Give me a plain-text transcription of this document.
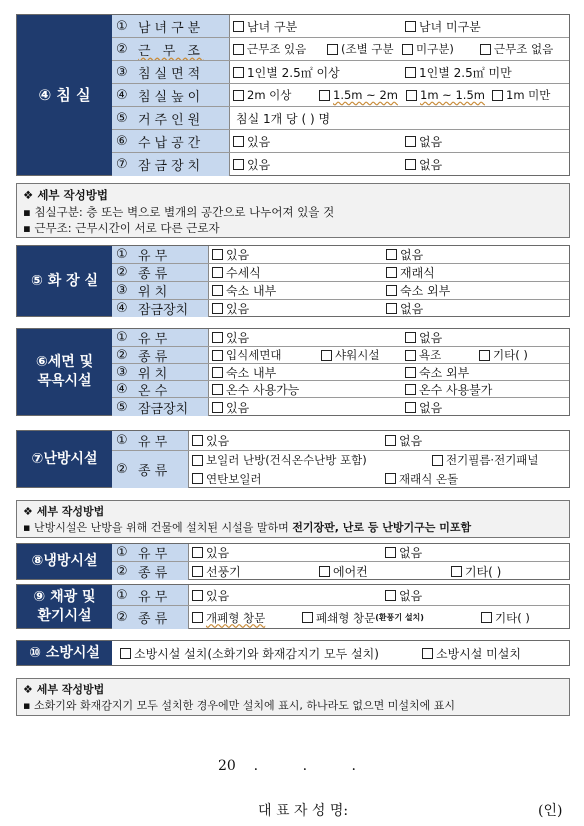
④ 침 실
① 남녀구분	남녀 구분	남녀 미구분
② 근 무 조	근무조 있음	(조별 구분 미구분)	근무조 없음
③ 침실면적	1인별 2.5㎡ 이상	1인별 2.5㎡ 미만
④ 침실높이	2m 이상	1.5m ~ 2m 1m ~ 1.5m 1m 미만
⑤ 거주인원	침실 1개 당 ( ) 명
⑥ 수납공간	있음	없음
⑦ 잠금장치	있음	없음
❖ 세부 작성방법
▪ 침실구분: 층 또는 벽으로 별개의 공간으로 나누어져 있을 것
▪ 근무조: 근무시간이 서로 다른 근로자
⑤ 화 장 실
① 유 무	있음	없음
② 종 류	수세식	재래식
③ 위 치	숙소 내부	숙소 외부
④ 잠금장치	있음	없음
⑥세면 및
목욕시설
① 유 무	있음	없음
② 종 류	입식세면대	샤워시설	욕조	기타( )
③ 위 치	숙소 내부	숙소 외부
④ 온 수	온수 사용가능	온수 사용불가
⑤ 잠금장치	있음	없음
⑦난방시설
① 유 무	있음	없음
② 종 류
보일러 난방(건식온수난방 포함)	전기필름·전기패널
연탄보일러	재래식 온돌
❖ 세부 작성방법
▪ 난방시설은 난방을 위해 건물에 설치된 시설을 말하며 전기장판, 난로 등 난방기구는 미포함
⑧냉방시설
① 유 무	있음	없음
② 종 류	선풍기	에어컨	기타( )
⑨ 채광 및
환기시설
① 유 무	있음	없음
② 종 류	개폐형 창문	폐쇄형 창문 (환풍기 설치)	기타( )
⑩ 소방시설	소방시설 설치(소화기와 화재감지기 모두 설치)	소방시설 미설치
❖ 세부 작성방법
▪ 소화기와 화재감지기 모두 설치한 경우에만 설치에 표시, 하나라도 없으면 미설치에 표시
20    .          .          .
대 표 자 성 명:	(인)
